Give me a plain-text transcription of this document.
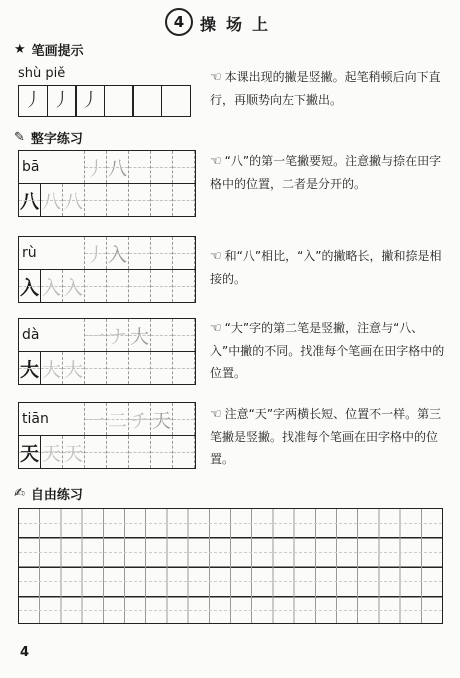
4 操场上
★ 笔画提示
shù piě
丿 丿 丿
☜ 本课出现的撇是竖撇。起笔稍顿后向下直行，再顺势向左下撇出。
✎ 整字练习
bā	丿 八
八 八 八
rù	丿 入
入 入 入
dà	一 ナ 大
大 大 大
tiān	一 二 チ 天
天 天 天
☜ “八”的第一笔撇要短。注意撇与捺在田字格中的位置，二者是分开的。
☜ 和“八”相比，“入”的撇略长，撇和捺是相接的。
☜ “大”字的第二笔是竖撇，注意与“八、入”中撇的不同。找准每个笔画在田字格中的位置。
☜ 注意“天”字两横长短、位置不一样。第三笔撇是竖撇。找准每个笔画在田字格中的位置。
✍ 自由练习
4
